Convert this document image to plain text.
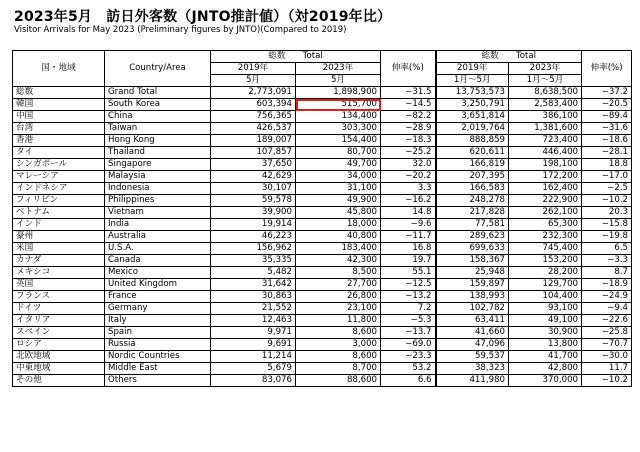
2023年5月　訪日外客数（JNTO推計値）（対2019年比）
Visitor Arrivals for May 2023 (Preliminary figures by JNTO)(Compared to 2019)
国・地域	Country/Area	総数　　 Total		伸率(%)	総数　　 Total		伸率(%)
		2019年	2023年		2019年	2023年	
		5月	5月		1月～5月	1月～5月	
総数	Grand Total	2,773,091	1,898,900	−31.5	13,753,573	8,638,500	−37.2
韓国	South Korea	603,394	515,700	−14.5	3,250,791	2,583,400	−20.5
中国	China	756,365	134,400	−82.2	3,651,814	386,100	−89.4
台湾	Taiwan	426,537	303,300	−28.9	2,019,764	1,381,600	−31.6
香港	Hong Kong	189,007	154,400	−18.3	888,859	723,400	−18.6
タイ	Thailand	107,857	80,700	−25.2	620,611	446,400	−28.1
シンガポール	Singapore	37,650	49,700	32.0	166,819	198,100	18.8
マレーシア	Malaysia	42,629	34,000	−20.2	207,395	172,200	−17.0
インドネシア	Indonesia	30,107	31,100	3.3	166,583	162,400	−2.5
フィリピン	Philippines	59,578	49,900	−16.2	248,278	222,900	−10.2
ベトナム	Vietnam	39,900	45,800	14.8	217,828	262,100	20.3
インド	India	19,914	18,000	−9.6	77,581	65,300	−15.8
豪州	Australia	46,223	40,800	−11.7	289,623	232,300	−19.8
米国	U.S.A.	156,962	183,400	16.8	699,633	745,400	6.5
カナダ	Canada	35,335	42,300	19.7	158,367	153,200	−3.3
メキシコ	Mexico	5,482	8,500	55.1	25,948	28,200	8.7
英国	United Kingdom	31,642	27,700	−12.5	159,897	129,700	−18.9
フランス	France	30,863	26,800	−13.2	138,993	104,400	−24.9
ドイツ	Germany	21,552	23,100	7.2	102,782	93,100	−9.4
イタリア	Italy	12,463	11,800	−5.3	63,411	49,100	−22.6
スペイン	Spain	9,971	8,600	−13.7	41,660	30,900	−25.8
ロシア	Russia	9,691	3,000	−69.0	47,096	13,800	−70.7
北欧地域	Nordic Countries	11,214	8,600	−23.3	59,537	41,700	−30.0
中東地域	Middle East	5,679	8,700	53.2	38,323	42,800	11.7
その他	Others	83,076	88,600	6.6	411,980	370,000	−10.2
